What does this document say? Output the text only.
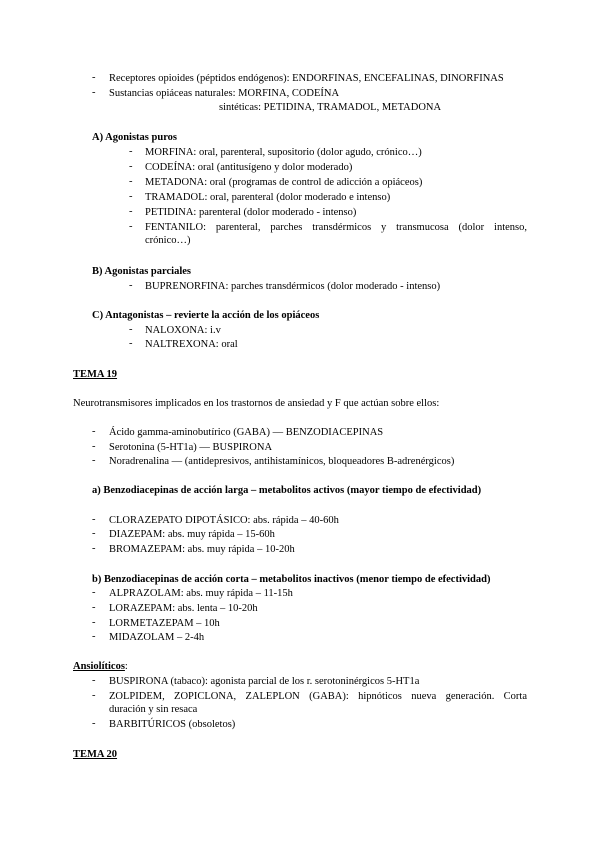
- Receptores opioides (péptidos endógenos): ENDORFINAS, ENCEFALINAS, DINORFINAS
- Sustancias opiáceas naturales: MORFINA, CODEÍNA
sintéticas: PETIDINA, TRAMADOL, METADONA
A) Agonistas puros
- MORFINA: oral, parenteral, supositorio (dolor agudo, crónico…)
- CODEÍNA: oral (antitusígeno y dolor moderado)
- METADONA: oral (programas de control de adicción a opiáceos)
- TRAMADOL: oral, parenteral (dolor moderado e intenso)
- PETIDINA: parenteral (dolor moderado - intenso)
- FENTANILO: parenteral, parches transdérmicos y transmucosa (dolor intenso,
crónico…)
B) Agonistas parciales
- BUPRENORFINA: parches transdérmicos (dolor moderado - intenso)
C) Antagonistas – revierte la acción de los opiáceos
- NALOXONA: i.v
- NALTREXONA: oral
TEMA 19
Neurotransmisores implicados en los trastornos de ansiedad y F que actúan sobre ellos:
- Ácido gamma-aminobutírico (GABA) — BENZODIACEPINAS
- Serotonina (5-HT1a) — BUSPIRONA
- Noradrenalina — (antidepresivos, antihistamínicos, bloqueadores B-adrenérgicos)
a) Benzodiacepinas de acción larga – metabolitos activos (mayor tiempo de efectividad)
- CLORAZEPATO DIPOTÁSICO: abs. rápida – 40-60h
- DIAZEPAM: abs. muy rápida – 15-60h
- BROMAZEPAM: abs. muy rápida – 10-20h
b) Benzodiacepinas de acción corta – metabolitos inactivos (menor tiempo de efectividad)
- ALPRAZOLAM: abs. muy rápida – 11-15h
- LORAZEPAM: abs. lenta – 10-20h
- LORMETAZEPAM – 10h
- MIDAZOLAM – 2-4h
Ansiolíticos:
- BUSPIRONA (tabaco): agonista parcial de los r. serotoninérgicos 5-HT1a
- ZOLPIDEM, ZOPICLONA, ZALEPLON (GABA): hipnóticos nueva generación. Corta
duración y sin resaca
- BARBITÚRICOS (obsoletos)
TEMA 20
